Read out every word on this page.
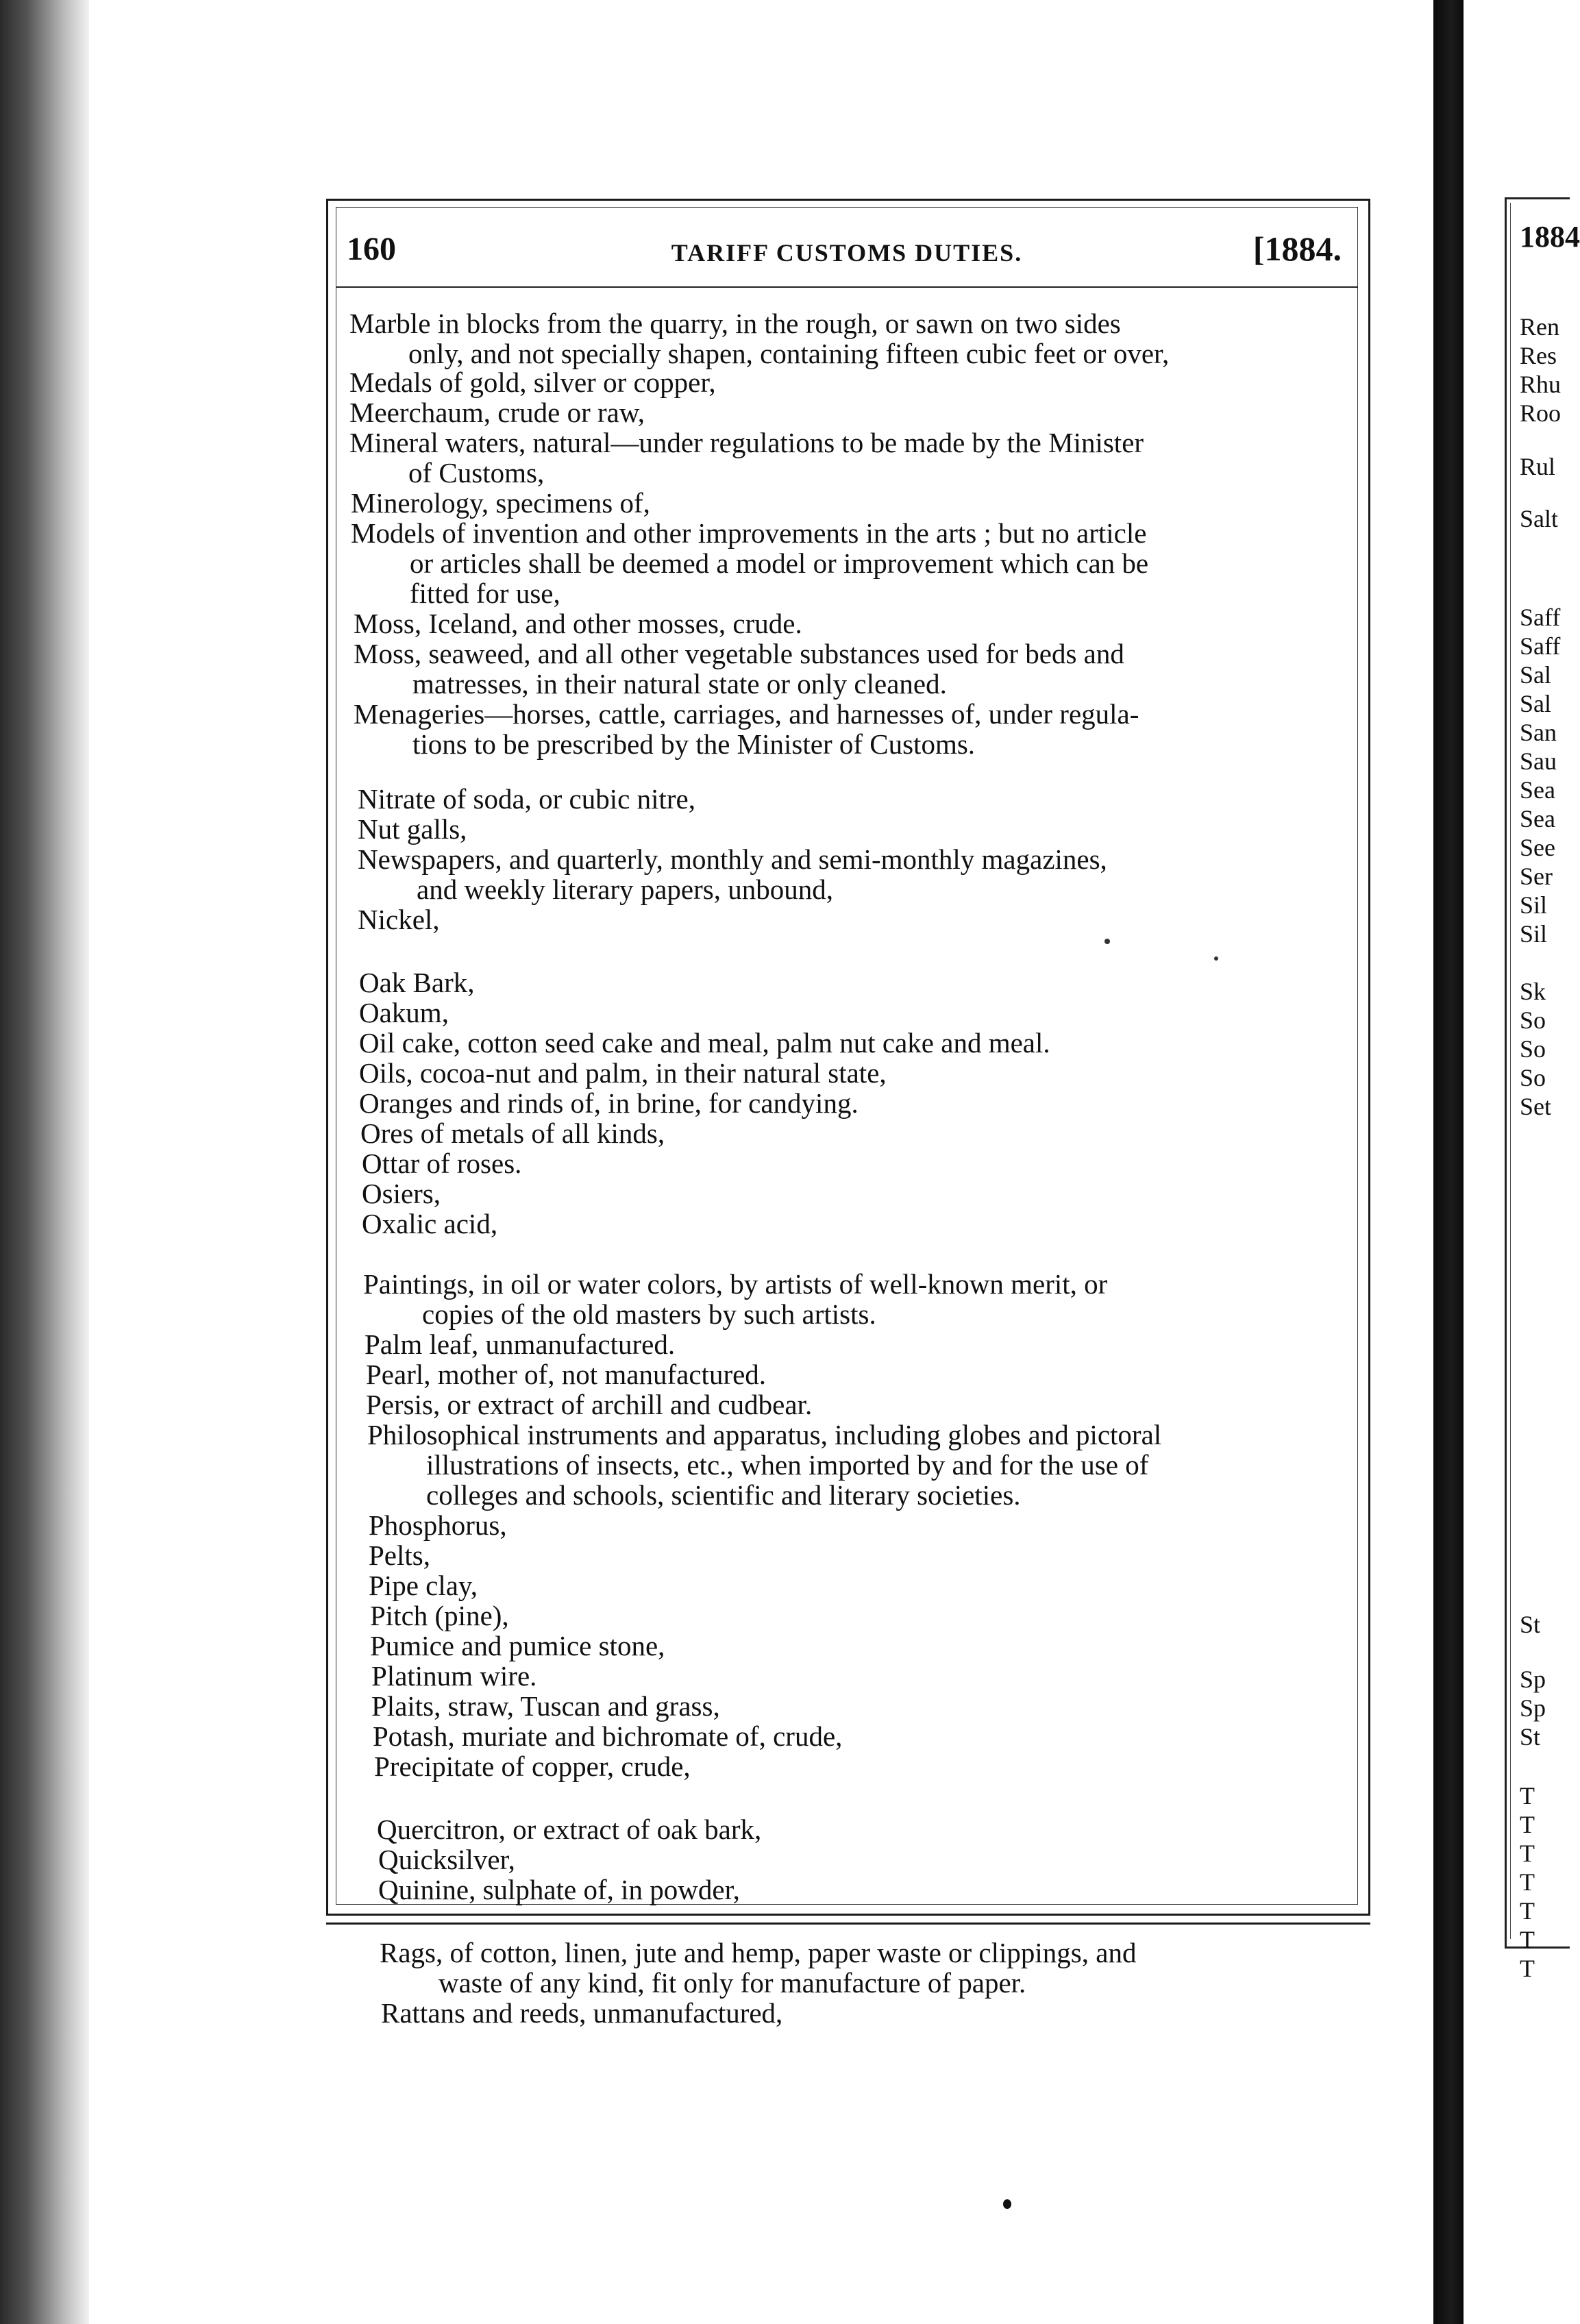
160	TARIFF CUSTOMS DUTIES.	[1884.
Marble in blocks from the quarry, in the rough, or sawn on two sides

only, and not specially shapen, containing fifteen cubic feet or over,
Medals of gold, silver or copper,
Meerchaum, crude or raw,
Mineral waters, natural—under regulations to be made by the Minister

of Customs,
Minerology, specimens of,
Models of invention and other improvements in the arts ; but no article

or articles shall be deemed a model or improvement which can be
fitted for use,
Moss, Iceland, and other mosses, crude.
Moss, seaweed, and all other vegetable substances used for beds and

matresses, in their natural state or only cleaned.
Menageries—horses, cattle, carriages, and harnesses of, under regula-

tions to be prescribed by the Minister of Customs.
Nitrate of soda, or cubic nitre,
Nut galls,
Newspapers, and quarterly, monthly and semi-monthly magazines,

and weekly literary papers, unbound,
Nickel,
Oak Bark,
Oakum,
Oil cake, cotton seed cake and meal, palm nut cake and meal.
Oils, cocoa-nut and palm, in their natural state,
Oranges and rinds of, in brine, for candying.
Ores of metals of all kinds,
Ottar of roses.
Osiers,
Oxalic acid,
Paintings, in oil or water colors, by artists of well-known merit, or

copies of the old masters by such artists.
Palm leaf, unmanufactured.
Pearl, mother of, not manufactured.
Persis, or extract of archill and cudbear.
Philosophical instruments and apparatus, including globes and pictoral

illustrations of insects, etc., when imported by and for the use of
colleges and schools, scientific and literary societies.
Phosphorus,
Pelts,
Pipe clay,
Pitch (pine),
Pumice and pumice stone,
Platinum wire.
Plaits, straw, Tuscan and grass,
Potash, muriate and bichromate of, crude,
Precipitate of copper, crude,
Quercitron, or extract of oak bark,
Quicksilver,
Quinine, sulphate of, in powder,
Rags, of cotton, linen, jute and hemp, paper waste or clippings, and

waste of any kind, fit only for manufacture of paper.
Rattans and reeds, unmanufactured,
1884
Ren
Res
Rhu
Roo
Rul
Salt
Saff
Saff
Sal
Sal
San
Sau
Sea
Sea
See
Ser
Sil
Sil
Sk
So
So
So
Set
St
Sp
Sp
St
T
T
T
T
T
T
T
